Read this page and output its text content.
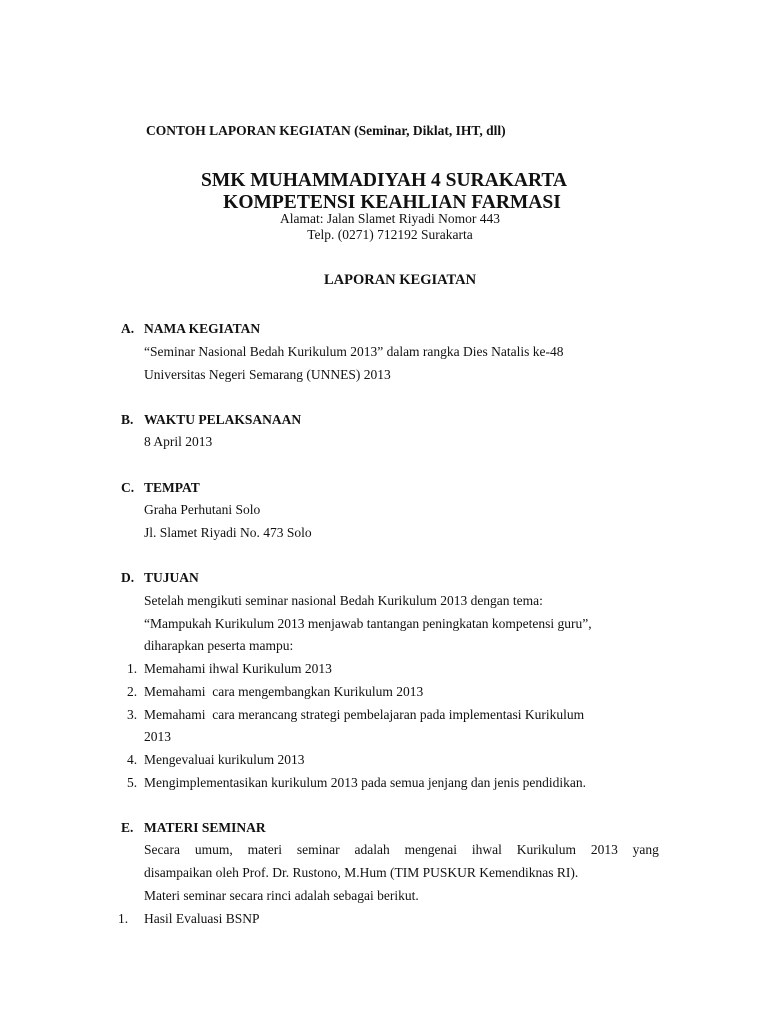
CONTOH LAPORAN KEGIATAN (Seminar, Diklat, IHT, dll)
SMK MUHAMMADIYAH 4 SURAKARTA
KOMPETENSI KEAHLIAN FARMASI
Alamat: Jalan Slamet Riyadi Nomor 443
Telp. (0271) 712192 Surakarta
LAPORAN KEGIATAN
A. NAMA KEGIATAN
“Seminar Nasional Bedah Kurikulum 2013” dalam rangka Dies Natalis ke-48
Universitas Negeri Semarang (UNNES) 2013
B. WAKTU PELAKSANAAN
8 April 2013
C. TEMPAT
Graha Perhutani Solo
Jl. Slamet Riyadi No. 473 Solo
D. TUJUAN
Setelah mengikuti seminar nasional Bedah Kurikulum 2013 dengan tema:
“Mampukah Kurikulum 2013 menjawab tantangan peningkatan kompetensi guru”,
diharapkan peserta mampu:
1. Memahami ihwal Kurikulum 2013
2. Memahami  cara mengembangkan Kurikulum 2013
3. Memahami  cara merancang strategi pembelajaran pada implementasi Kurikulum
2013
4. Mengevaluai kurikulum 2013
5. Mengimplementasikan kurikulum 2013 pada semua jenjang dan jenis pendidikan.
E. MATERI SEMINAR
Secara umum, materi seminar adalah mengenai ihwal Kurikulum 2013 yang
disampaikan oleh Prof. Dr. Rustono, M.Hum (TIM PUSKUR Kemendiknas RI).
Materi seminar secara rinci adalah sebagai berikut.
1. Hasil Evaluasi BSNP
